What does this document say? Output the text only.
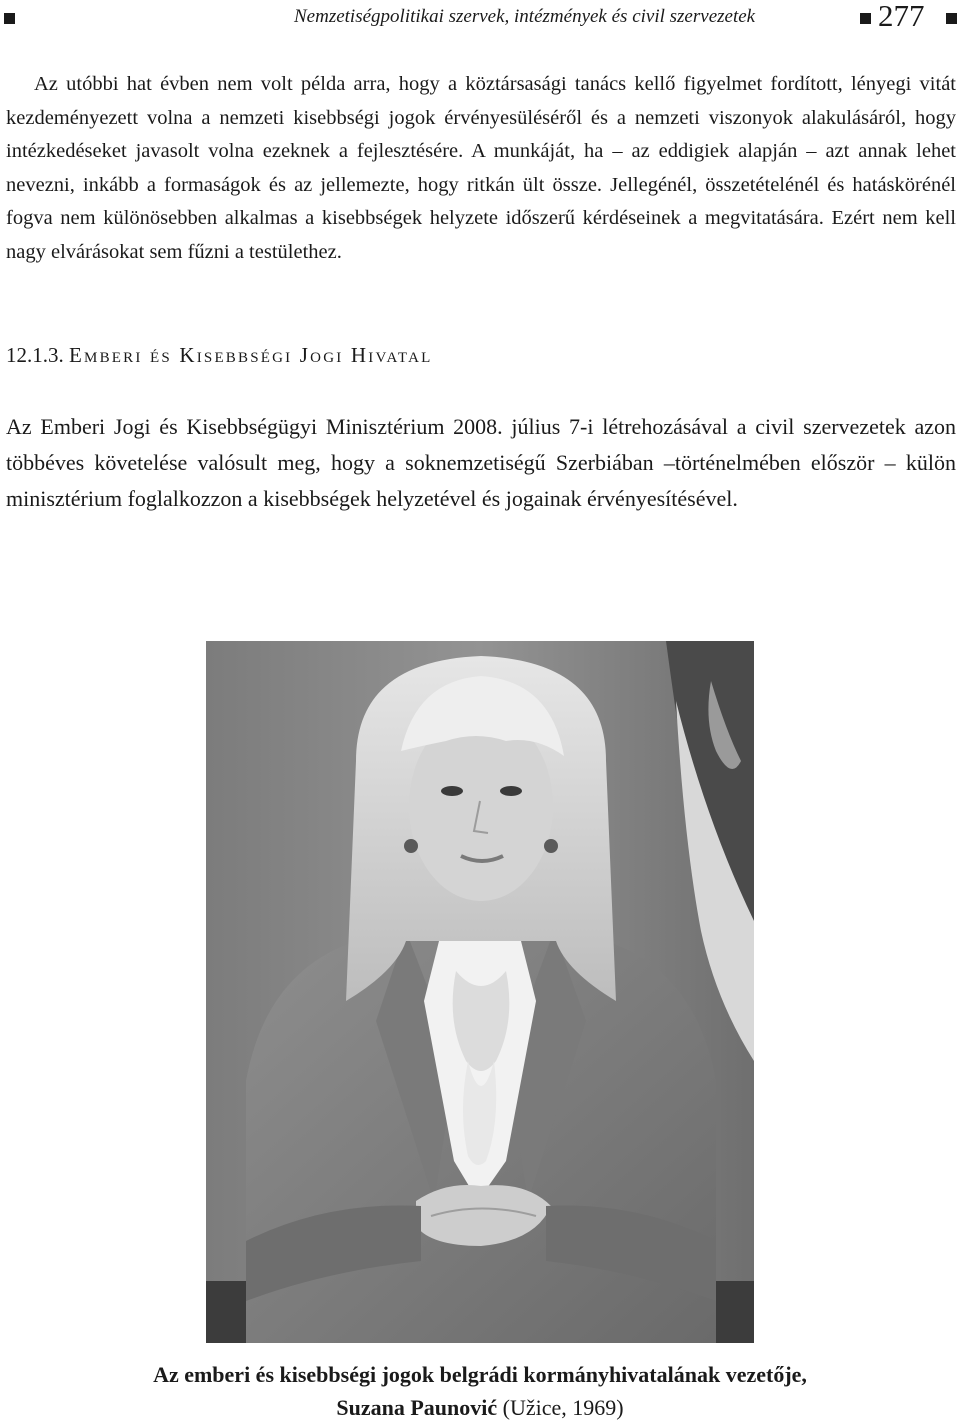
Nemzetiségpolitikai szervek, intézmények és civil szervezetek	277

Az utóbbi hat évben nem volt példa arra, hogy a köztársasági tanács kellő figyelmet fordított, lényegi vitát kezdeményezett volna a nemzeti kisebbségi jogok érvényesüléséről és a nemzeti viszonyok alakulásáról, hogy intézkedéseket javasolt volna ezeknek a fejlesztésére. A munkáját, ha – az eddigiek alapján – azt annak lehet nevezni, inkább a formaságok és az jellemezte, hogy ritkán ült össze. Jellegénél, összetételénél és hatáskörénél fogva nem különösebben alkalmas a kisebbségek helyzete időszerű kérdéseinek a megvitatására. Ezért nem kell nagy elvárásokat sem fűzni a testülethez.

12.1.3. Emberi és Kisebbségi Jogi Hivatal

Az Emberi Jogi és Kisebbségügyi Minisztérium 2008. július 7-i létrehozásával a civil szervezetek azon többéves követelése valósult meg, hogy a soknemzetiségű Szerbiában –történelmében először – külön minisztérium foglalkozzon a kisebbségek helyzetével és jogainak érvényesítésével.

Az emberi és kisebbségi jogok belgrádi kormányhivatalának vezetője,
Suzana Paunović (Užice, 1969)
